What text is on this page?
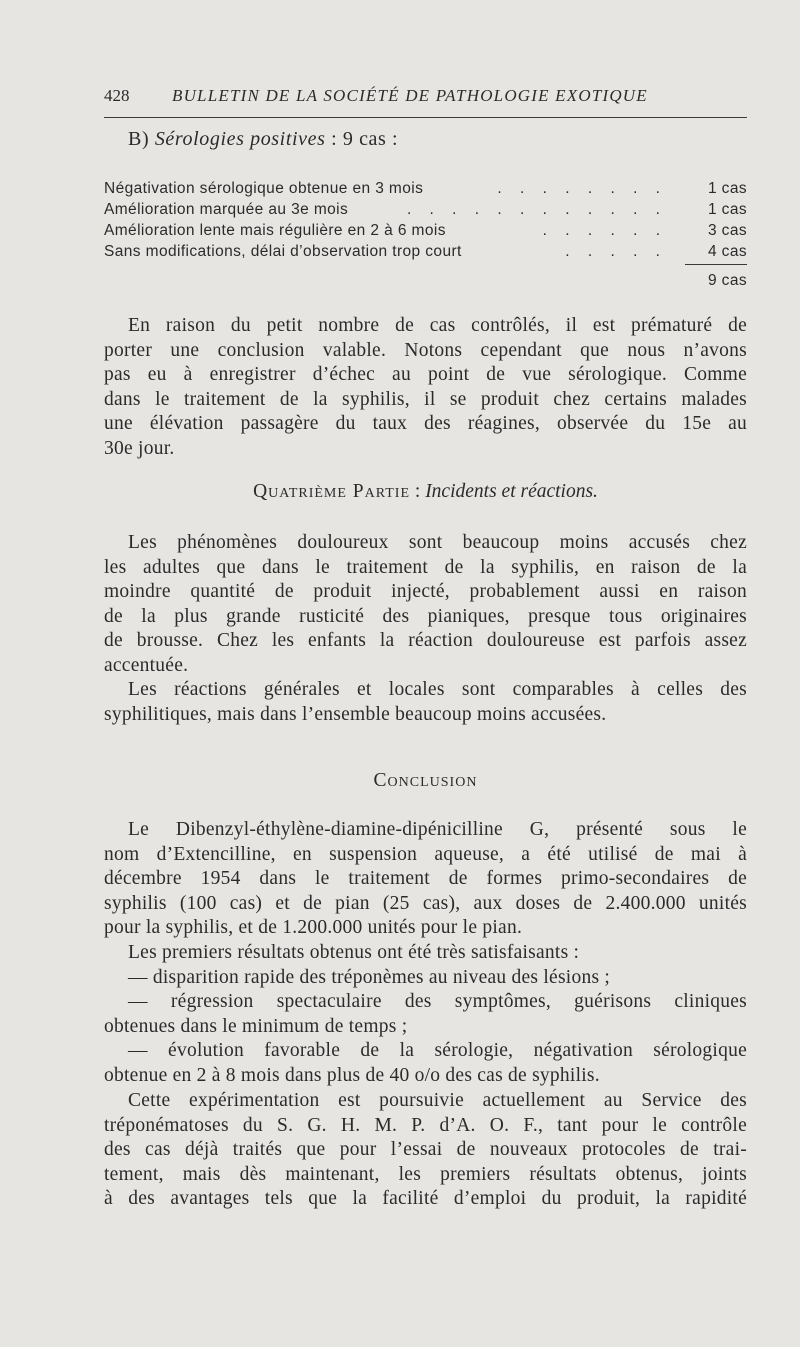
428	BULLETIN DE LA SOCIÉTÉ DE PATHOLOGIE EXOTIQUE
B) Sérologies positives : 9 cas :
Négativation sérologique obtenue en 3 mois	. . . . . . . .	1 cas
Amélioration marquée au 3e mois	. . . . . . . . . . . .	1 cas
Amélioration lente mais régulière en 2 à 6 mois	. . . . . .	3 cas
Sans modifications, délai d’observation trop court	. . . . .	4 cas
9 cas
En raison du petit nombre de cas contrôlés, il est prématuré de
porter une conclusion valable. Notons cependant que nous n’avons
pas eu à enregistrer d’échec au point de vue sérologique. Comme
dans le traitement de la syphilis, il se produit chez certains malades
une élévation passagère du taux des réagines, observée du 15e au
30e jour.
Quatrième Partie : Incidents et réactions.
Les phénomènes douloureux sont beaucoup moins accusés chez
les adultes que dans le traitement de la syphilis, en raison de la
moindre quantité de produit injecté, probablement aussi en raison
de la plus grande rusticité des pianiques, presque tous originaires
de brousse. Chez les enfants la réaction douloureuse est parfois assez
accentuée.
Les réactions générales et locales sont comparables à celles des
syphilitiques, mais dans l’ensemble beaucoup moins accusées.
Conclusion
Le Dibenzyl-éthylène-diamine-dipénicilline G, présenté sous le
nom d’Extencilline, en suspension aqueuse, a été utilisé de mai à
décembre 1954 dans le traitement de formes primo-secondaires de
syphilis (100 cas) et de pian (25 cas), aux doses de 2.400.000 unités
pour la syphilis, et de 1.200.000 unités pour le pian.
Les premiers résultats obtenus ont été très satisfaisants :
— disparition rapide des tréponèmes au niveau des lésions ;
— régression spectaculaire des symptômes, guérisons cliniques
obtenues dans le minimum de temps ;
— évolution favorable de la sérologie, négativation sérologique
obtenue en 2 à 8 mois dans plus de 40 o/o des cas de syphilis.
Cette expérimentation est poursuivie actuellement au Service des
tréponématoses du S. G. H. M. P. d’A. O. F., tant pour le contrôle
des cas déjà traités que pour l’essai de nouveaux protocoles de trai-
tement, mais dès maintenant, les premiers résultats obtenus, joints
à des avantages tels que la facilité d’emploi du produit, la rapidité
